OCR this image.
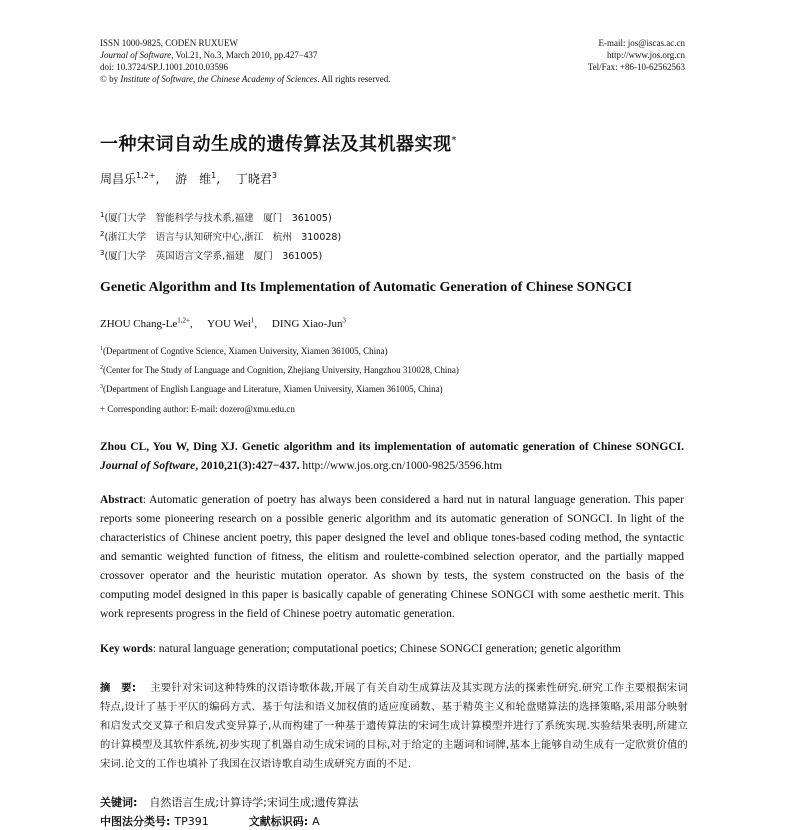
ISSN 1000-9825, CODEN RUXUEW
Journal of Software, Vol.21, No.3, March 2010, pp.427−437
doi: 10.3724/SP.J.1001.2010.03596
© by Institute of Software, the Chinese Academy of Sciences. All rights reserved.
E-mail: jos@iscas.ac.cn
http://www.jos.org.cn
Tel/Fax: +86-10-62562563
一种宋词自动生成的遗传算法及其机器实现*
周昌乐$^{1,2+}$, 游　维$^1$, 丁晓君$^3$
$^1$(厦门大学　智能科学与技术系,福建　厦门　361005)
$^2$(浙江大学　语言与认知研究中心,浙江　杭州　310028)
$^3$(厦门大学　英国语言文学系,福建　厦门　361005)
Genetic Algorithm and Its Implementation of Automatic Generation of Chinese SONGCI
ZHOU Chang-$Le^{1,2+}$, YOU Wei$^1$, DING Xiao-Jun$^3$
$^1$(Department of Cogntive Science, Xiamen University, Xiamen 361005, China)
$^2$(Center for The Study of Language and Cognition, Zhejiang University, Hangzhou 310028, China)
$^3$(Department of English Language and Literature, Xiamen University, Xiamen 361005, China)
+ Corresponding author: E-mail: dozero@xmu.edu.cn
Zhou CL, You W, Ding XJ. Genetic algorithm and its implementation of automatic generation of Chinese SONGCI. Journal of Software, 2010,21(3):427−437. http://www.jos.org.cn/1000-9825/3596.htm
Abstract: Automatic generation of poetry has always been considered a hard nut in natural language generation. This paper reports some pioneering research on a possible generic algorithm and its automatic generation of SONGCI. In light of the characteristics of Chinese ancient poetry, this paper designed the level and oblique tones-based coding method, the syntactic and semantic weighted function of fitness, the elitism and roulette-combined selection operator, and the partially mapped crossover operator and the heuristic mutation operator. As shown by tests, the system constructed on the basis of the computing model designed in this paper is basically capable of generating Chinese SONGCI with some aesthetic merit. This work represents progress in the field of Chinese poetry automatic generation.
Key words: natural language generation; computational poetics; Chinese SONGCI generation; genetic algorithm
摘　要: 主要针对宋词这种特殊的汉语诗歌体裁,开展了有关自动生成算法及其实现方法的探索性研究.研究工作主要根据宋词特点,设计了基于平仄的编码方式、基于句法和语义加权值的适应度函数、基于精英主义和轮盘赌算法的选择策略,采用部分映射和启发式交叉算子和启发式变异算子,从而构建了一种基于遗传算法的宋词生成计算模型并进行了系统实现.实验结果表明,所建立的计算模型及其软件系统,初步实现了机器自动生成宋词的目标,对于给定的主题词和词牌,基本上能够自动生成有一定欣赏价值的宋词.论文的工作也填补了我国在汉语诗歌自动生成研究方面的不足.
关键词: 自然语言生成;计算诗学;宋词生成;遗传算法
中图法分类号: TP391	文献标识码: A
